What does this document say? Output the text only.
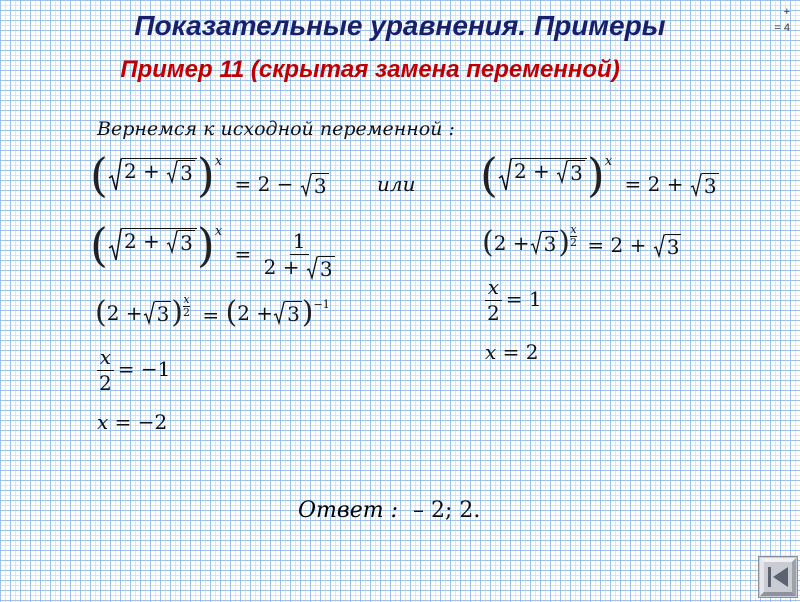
Показательные уравнения. Примеры
Пример 11 (скрытая замена переменной)
+
= 4
Вернемся к исходной переменной :
( 2 + 3 )$^x$
= 2 − 3	или
( 2 + 3 )$^x$
= $\frac{1}{2 + 3}$
( 2 + 3 ) x
2 = ( 2 + 3 )$^{-1}$
$\frac{x}{2} = -1$
x = −2
( 2 + 3 )$^x$
= 2 + 3
( 2 + 3 ) x
2 = 2 + 3
$\frac{x}{2} = 1$
x = 2
Ответ : – 2; 2.
